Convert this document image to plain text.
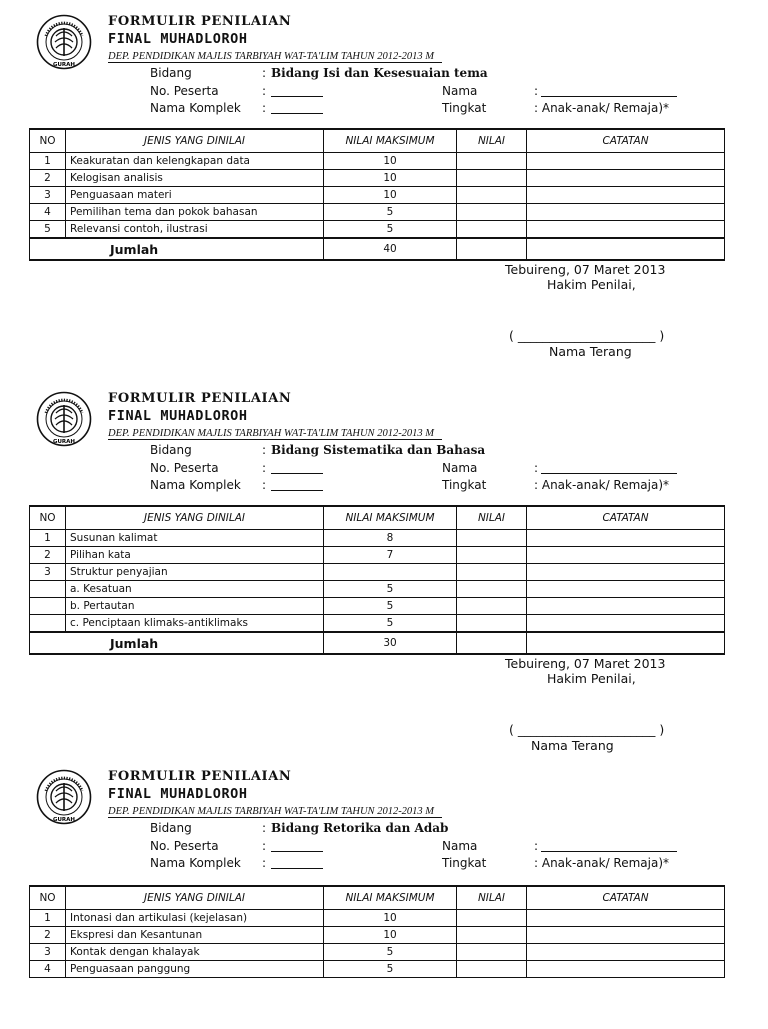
GURAH
FORMULIR PENILAIAN
FINAL MUHADLOROH
DEP. PENDIDIKAN MAJLIS TARBIYAH WAT-TA'LIM TAHUN 2012-2013 M
Bidang	: Bidang Isi dan Kesesuaian tema
No. Peserta	:	Nama	:
Nama Komplek :	Tingkat	: Anak-anak/ Remaja)*
NO	JENIS YANG DINILAI	NILAI MAKSIMUM	NILAI	CATATAN
1	Keakuratan dan kelengkapan data	10		
2	Kelogisan analisis	10		
3	Penguasaan materi	10		
4	Pemilihan tema dan pokok bahasan	5		
5	Relevansi contoh, ilustrasi	5		
Jumlah		40		
Tebuireng, 07 Maret 2013
Hakim Penilai,
( ______________________ )
Nama Terang
GURAH
FORMULIR PENILAIAN
FINAL MUHADLOROH
DEP. PENDIDIKAN MAJLIS TARBIYAH WAT-TA'LIM TAHUN 2012-2013 M
Bidang	: Bidang Sistematika dan Bahasa
No. Peserta	:	Nama	:
Nama Komplek :	Tingkat	: Anak-anak/ Remaja)*
NO	JENIS YANG DINILAI	NILAI MAKSIMUM	NILAI	CATATAN
1	Susunan kalimat	8		
2	Pilihan kata	7		
3	Struktur penyajian			
	a. Kesatuan	5		
	b. Pertautan	5		
	c. Penciptaan klimaks-antiklimaks	5		
Jumlah		30		
Tebuireng, 07 Maret 2013
Hakim Penilai,
( ______________________ )
Nama Terang
GURAH
FORMULIR PENILAIAN
FINAL MUHADLOROH
DEP. PENDIDIKAN MAJLIS TARBIYAH WAT-TA'LIM TAHUN 2012-2013 M
Bidang	: Bidang Retorika dan Adab
No. Peserta	:	Nama	:
Nama Komplek :	Tingkat	: Anak-anak/ Remaja)*
NO	JENIS YANG DINILAI	NILAI MAKSIMUM	NILAI	CATATAN
1	Intonasi dan artikulasi (kejelasan)	10		
2	Ekspresi dan Kesantunan	10		
3	Kontak dengan khalayak	5		
4	Penguasaan panggung	5		
